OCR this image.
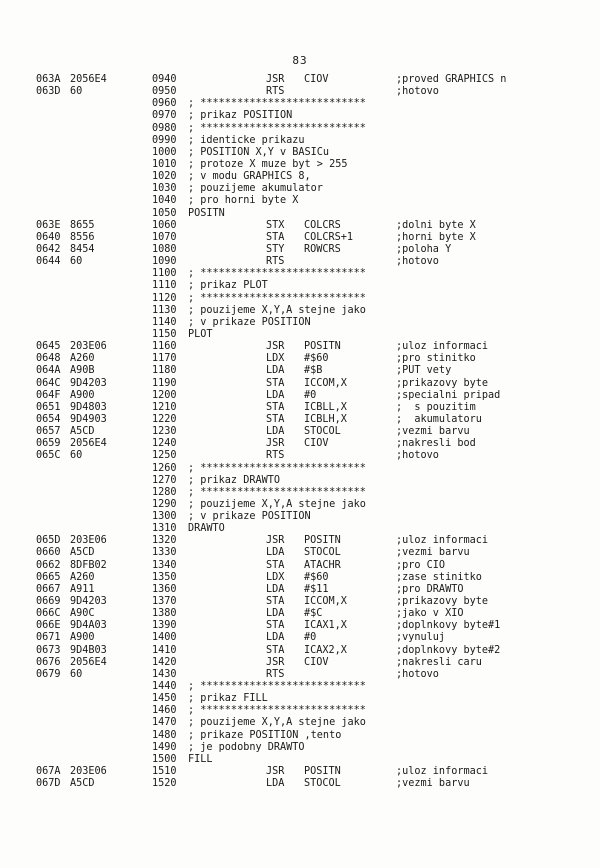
83
063A 2056E4	0940	JSR CIOV	;proved GRAPHICS n
063D 60	0950	RTS	;hotovo
0960 ; ***************************
0970 ; prikaz POSITION
0980 ; ***************************
0990 ; identicke prikazu
1000 ; POSITION X,Y v BASICu
1010 ; protoze X muze byt > 255
1020 ; v modu GRAPHICS 8,
1030 ; pouzijeme akumulator
1040 ; pro horni byte X
1050 POSITN
063E 8655	1060	STX COLCRS	;dolni byte X
0640 8556	1070	STA COLCRS+1	;horni byte X
0642 8454	1080	STY ROWCRS	;poloha Y
0644 60	1090	RTS	;hotovo
1100 ; ***************************
1110 ; prikaz PLOT
1120 ; ***************************
1130 ; pouzijeme X,Y,A stejne jako
1140 ; v prikaze POSITION
1150 PLOT
0645 203E06	1160	JSR POSITN	;uloz informaci
0648 A260	1170	LDX #$60	;pro stinitko
064A A90B	1180	LDA #$B	;PUT vety
064C 9D4203	1190	STA ICCOM,X	;prikazovy byte
064F A900	1200	LDA #0	;specialni pripad
0651 9D4803	1210	STA ICBLL,X	;  s pouzitim
0654 9D4903	1220	STA ICBLH,X	;  akumulatoru
0657 A5CD	1230	LDA STOCOL	;vezmi barvu
0659 2056E4	1240	JSR CIOV	;nakresli bod
065C 60	1250	RTS	;hotovo
1260 ; ***************************
1270 ; prikaz DRAWTO
1280 ; ***************************
1290 ; pouzijeme X,Y,A stejne jako
1300 ; v prikaze POSITION
1310 DRAWTO
065D 203E06	1320	JSR POSITN	;uloz informaci
0660 A5CD	1330	LDA STOCOL	;vezmi barvu
0662 8DFB02	1340	STA ATACHR	;pro CIO
0665 A260	1350	LDX #$60	;zase stinitko
0667 A911	1360	LDA #$11	;pro DRAWTO
0669 9D4203	1370	STA ICCOM,X	;prikazovy byte
066C A90C	1380	LDA #$C	;jako v XIO
066E 9D4A03	1390	STA ICAX1,X	;doplnkovy byte#1
0671 A900	1400	LDA #0	;vynuluj
0673 9D4B03	1410	STA ICAX2,X	;doplnkovy byte#2
0676 2056E4	1420	JSR CIOV	;nakresli caru
0679 60	1430	RTS	;hotovo
1440 ; ***************************
1450 ; prikaz FILL
1460 ; ***************************
1470 ; pouzijeme X,Y,A stejne jako
1480 ; prikaze POSITION ,tento
1490 ; je podobny DRAWTO
1500 FILL
067A 203E06	1510	JSR POSITN	;uloz informaci
067D A5CD	1520	LDA STOCOL	;vezmi barvu
